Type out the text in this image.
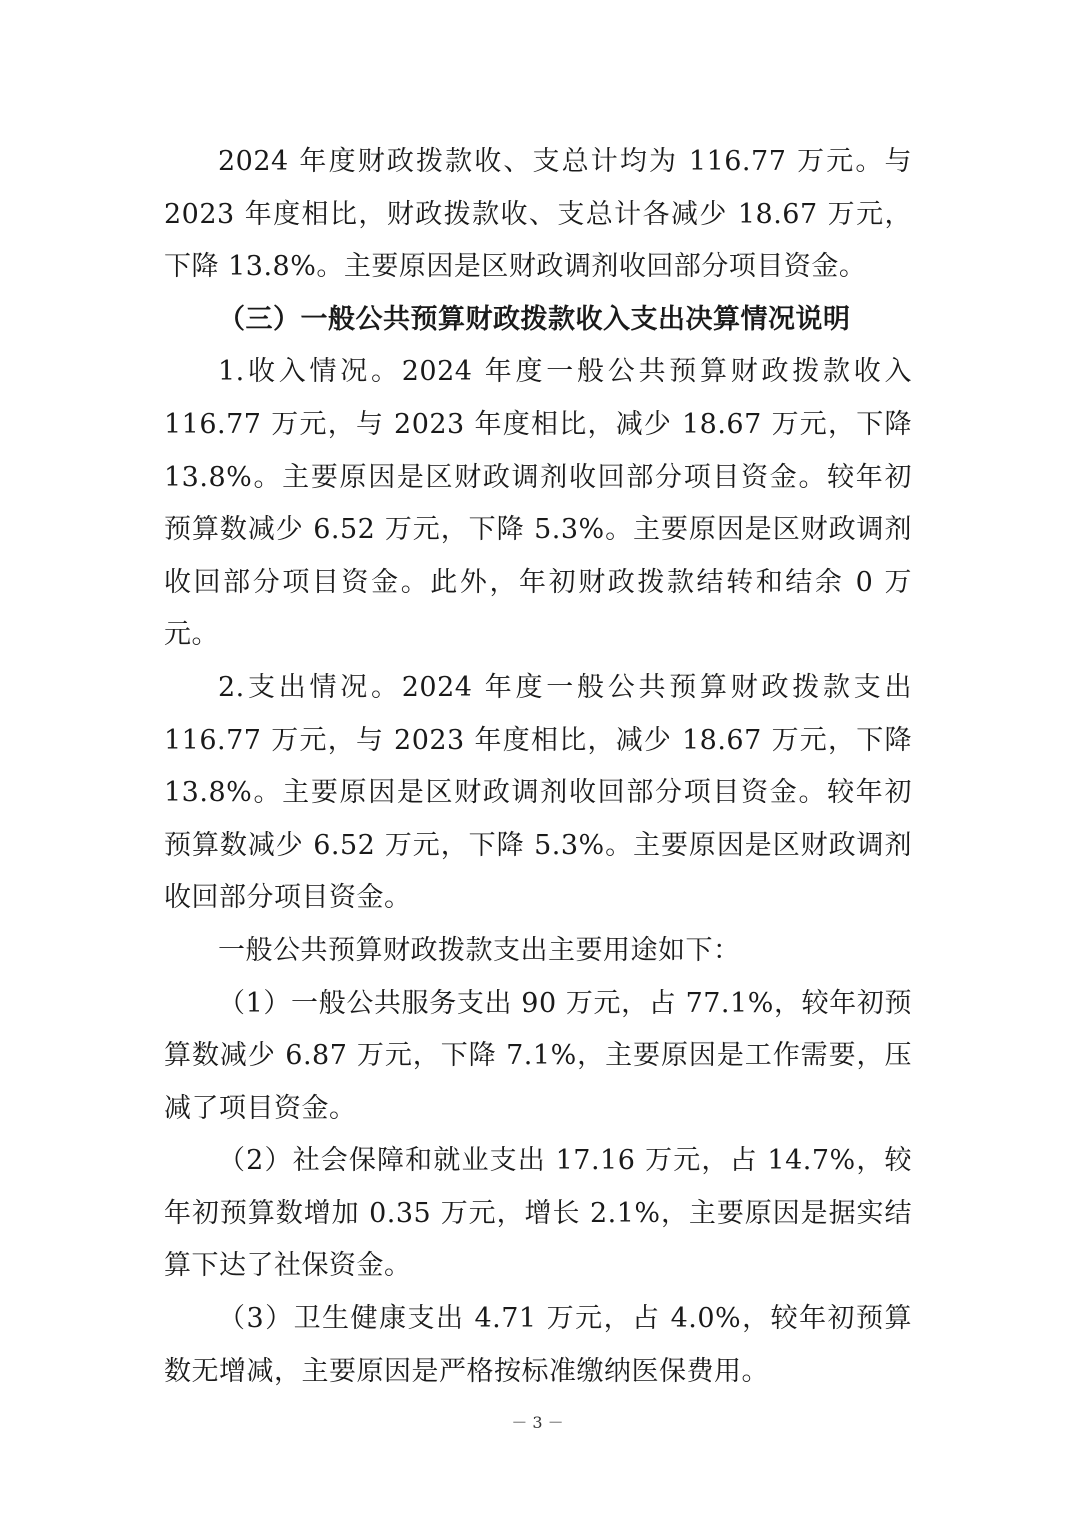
2024 年度财政拨款收、支总计均为 116.77 万元。与 2023 年度相比，财政拨款收、支总计各减少 18.67 万元，下降 13.8%。主要原因是区财政调剂收回部分项目资金。

（三）一般公共预算财政拨款收入支出决算情况说明

1.收入情况。2024 年度一般公共预算财政拨款收入 116.77 万元，与 2023 年度相比，减少 18.67 万元，下降 13.8%。主要原因是区财政调剂收回部分项目资金。较年初预算数减少 6.52 万元，下降 5.3%。主要原因是区财政调剂收回部分项目资金。此外，年初财政拨款结转和结余 0 万元。

2.支出情况。2024 年度一般公共预算财政拨款支出 116.77 万元，与 2023 年度相比，减少 18.67 万元，下降 13.8%。主要原因是区财政调剂收回部分项目资金。较年初预算数减少 6.52 万元，下降 5.3%。主要原因是区财政调剂收回部分项目资金。

一般公共预算财政拨款支出主要用途如下：

（1）一般公共服务支出 90 万元，占 77.1%，较年初预算数减少 6.87 万元，下降 7.1%，主要原因是工作需要，压减了项目资金。

（2）社会保障和就业支出 17.16 万元，占 14.7%，较年初预算数增加 0.35 万元，增长 2.1%，主要原因是据实结算下达了社保资金。

（3）卫生健康支出 4.71 万元，占 4.0%，较年初预算数无增减，主要原因是严格按标准缴纳医保费用。

－ 3 －
